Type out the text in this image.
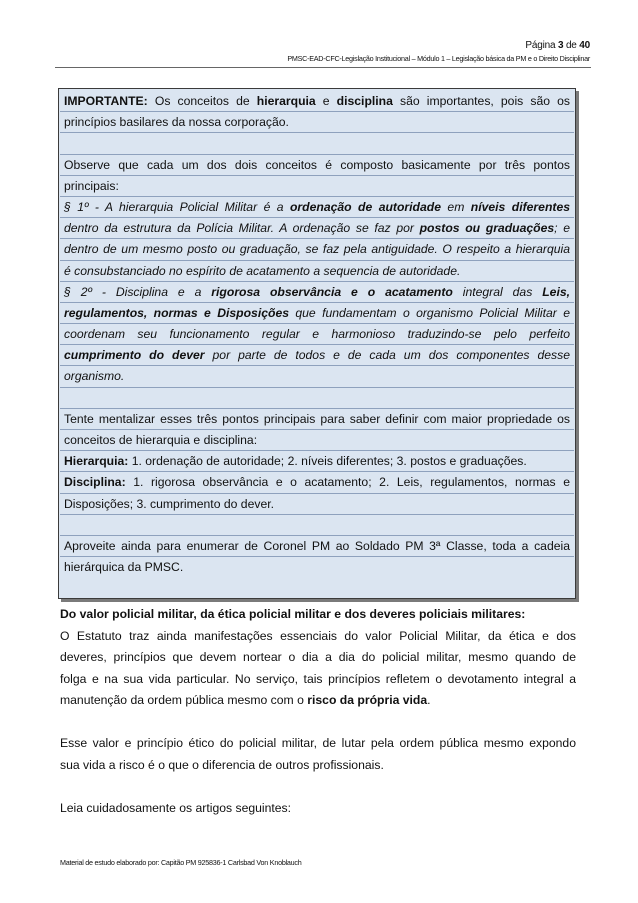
Página 3 de 40
PMSC-EAD-CFC-Legislação Institucional – Módulo 1 – Legislação básica da PM e o Direito Disciplinar
IMPORTANTE: Os conceitos de hierarquia e disciplina são importantes, pois são os
princípios basilares da nossa corporação.
Observe que cada um dos dois conceitos é composto basicamente por três pontos
principais:
§ 1º - A hierarquia Policial Militar é a ordenação de autoridade em níveis diferentes
dentro da estrutura da Polícia Militar. A ordenação se faz por postos ou graduações; e
dentro de um mesmo posto ou graduação, se faz pela antiguidade. O respeito a hierarquia
é consubstanciado no espírito de acatamento a sequencia de autoridade.
§ 2º - Disciplina e a rigorosa observância e o acatamento integral das Leis,
regulamentos, normas e Disposições que fundamentam o organismo Policial Militar e
coordenam seu funcionamento regular e harmonioso traduzindo-se pelo perfeito
cumprimento do dever por parte de todos e de cada um dos componentes desse
organismo.
Tente mentalizar esses três pontos principais para saber definir com maior propriedade os
conceitos de hierarquia e disciplina:
Hierarquia: 1. ordenação de autoridade; 2. níveis diferentes; 3. postos e graduações.
Disciplina: 1. rigorosa observância e o acatamento; 2. Leis, regulamentos, normas e
Disposições; 3. cumprimento do dever.
Aproveite ainda para enumerar de Coronel PM ao Soldado PM 3ª Classe, toda a cadeia
hierárquica da PMSC.
Do valor policial militar, da ética policial militar e dos deveres policiais militares:
O Estatuto traz ainda manifestações essenciais do valor Policial Militar, da ética e dos
deveres, princípios que devem nortear o dia a dia do policial militar, mesmo quando de
folga e na sua vida particular. No serviço, tais princípios refletem o devotamento integral a
manutenção da ordem pública mesmo com o risco da própria vida.
Esse valor e princípio ético do policial militar, de lutar pela ordem pública mesmo expondo
sua vida a risco é o que o diferencia de outros profissionais.
Leia cuidadosamente os artigos seguintes:
Material de estudo elaborado por: Capitão PM 925836-1 Carlsbad Von Knoblauch
